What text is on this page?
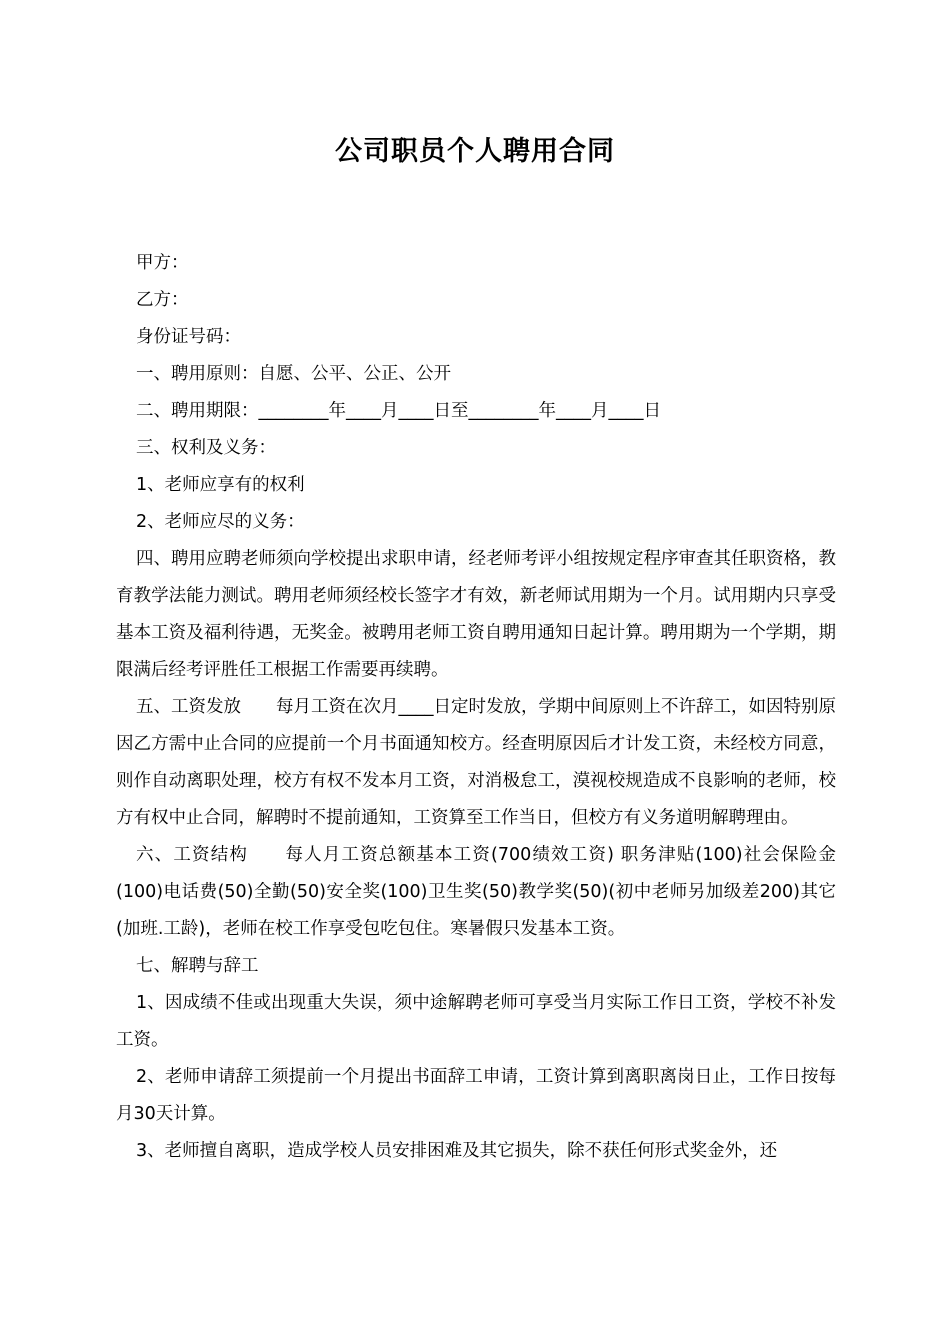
公司职员个人聘用合同

甲方：

乙方：

身份证号码：

一、聘用原则：自愿、公平、公正、公开

二、聘用期限：________年____月____日至________年____月____日

三、权利及义务：

1、老师应享有的权利

2、老师应尽的义务：

四、聘用应聘老师须向学校提出求职申请，经老师考评小组按规定程序审查其任职资格，教育教学法能力测试。聘用老师须经校长签字才有效，新老师试用期为一个月。试用期内只享受基本工资及福利待遇，无奖金。被聘用老师工资自聘用通知日起计算。聘用期为一个学期，期限满后经考评胜任工根据工作需要再续聘。

五、工资发放　　每月工资在次月____日定时发放，学期中间原则上不许辞工，如因特别原因乙方需中止合同的应提前一个月书面通知校方。经查明原因后才计发工资，未经校方同意，则作自动离职处理，校方有权不发本月工资，对消极怠工，漠视校规造成不良影响的老师，校方有权中止合同，解聘时不提前通知，工资算至工作当日，但校方有义务道明解聘理由。

六、工资结构　　每人月工资总额基本工资(700绩效工资) 职务津贴(100)社会保险金(100)电话费(50)全勤(50)安全奖(100)卫生奖(50)教学奖(50)(初中老师另加级差200)其它(加班.工龄)，老师在校工作享受包吃包住。寒暑假只发基本工资。

七、解聘与辞工

1、因成绩不佳或出现重大失误，须中途解聘老师可享受当月实际工作日工资，学校不补发工资。

2、老师申请辞工须提前一个月提出书面辞工申请，工资计算到离职离岗日止，工作日按每月30天计算。

3、老师擅自离职，造成学校人员安排困难及其它损失，除不获任何形式奖金外，还
